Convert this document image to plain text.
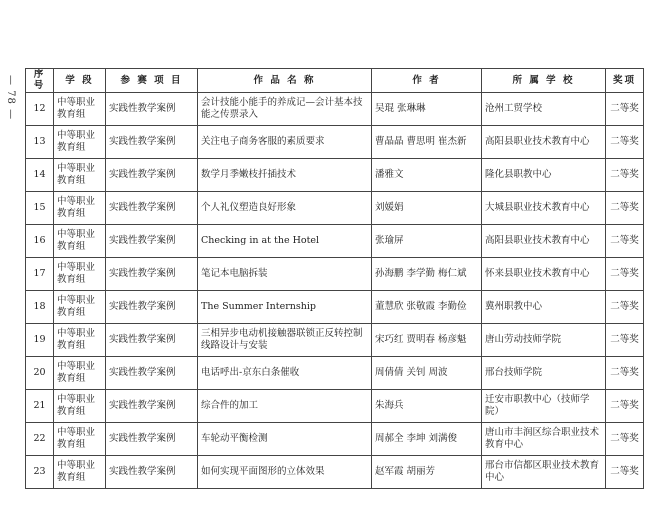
— 78 —
序号	学 段	参 赛 项 目	作 品 名 称	作 者	所 属 学 校	奖项
12	中等职业教育组	实践性教学案例	会计技能小能手的养成记—会计基本技能之传票录入	吴琨 张琳琳	沧州工贸学校	二等奖
13	中等职业教育组	实践性教学案例	关注电子商务客服的素质要求	曹晶晶 曹思明 崔杰新	高阳县职业技术教育中心	二等奖
14	中等职业教育组	实践性教学案例	数学月季嫩枝扦插技术	潘雅文	隆化县职教中心	二等奖
15	中等职业教育组	实践性教学案例	个人礼仪塑造良好形象	刘媛娟	大城县职业技术教育中心	二等奖
16	中等职业教育组	实践性教学案例	Checking in at the Hotel	张瑜屏	高阳县职业技术教育中心	二等奖
17	中等职业教育组	实践性教学案例	笔记本电脑拆装	孙海鹏 李学勤 梅仁斌	怀来县职业技术教育中心	二等奖
18	中等职业教育组	实践性教学案例	The Summer Internship	董慧欣 张敬霞 李勤俭	冀州职教中心	二等奖
19	中等职业教育组	实践性教学案例	三相异步电动机接触器联锁正反转控制线路设计与安装	宋巧红 贾明春 杨彦魁	唐山劳动技师学院	二等奖
20	中等职业教育组	实践性教学案例	电话呼出-京东白条催收	周倩倩 关钊 周波	邢台技师学院	二等奖
21	中等职业教育组	实践性教学案例	综合件的加工	朱海兵	迁安市职教中心（技师学院）	二等奖
22	中等职业教育组	实践性教学案例	车轮动平衡检测	周郝全 李坤 刘满俊	唐山市丰润区综合职业技术教育中心	二等奖
23	中等职业教育组	实践性教学案例	如何实现平面图形的立体效果	赵军霞 胡丽芳	邢台市信都区职业技术教育中心	二等奖
